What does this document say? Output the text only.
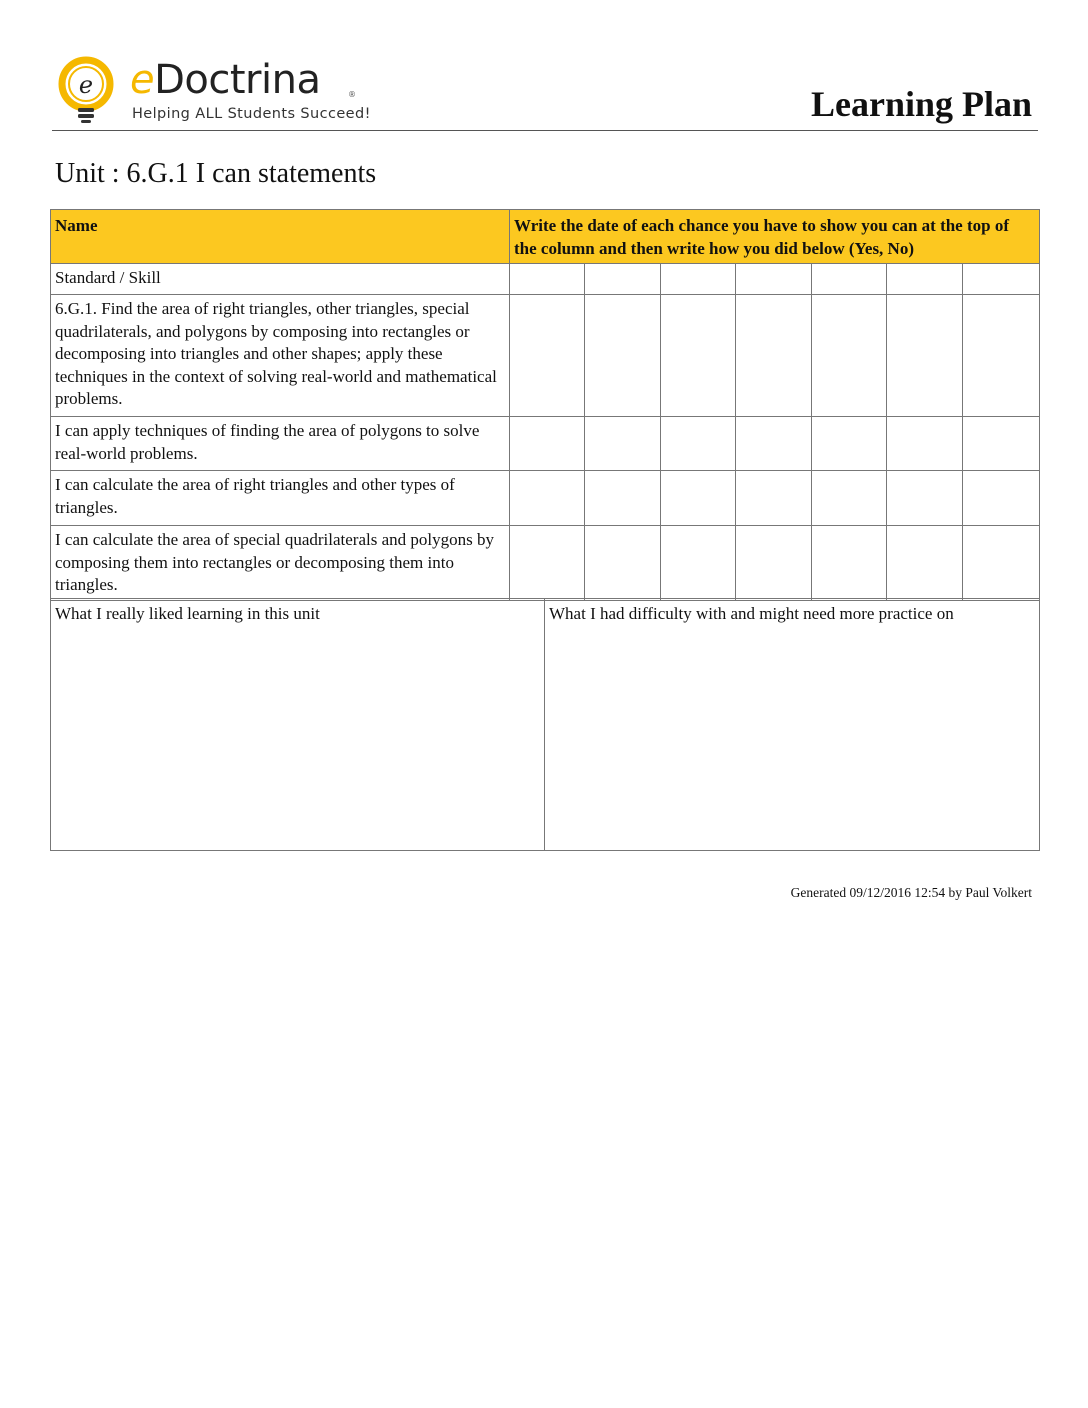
e eDoctrina	®
Helping ALL Students Succeed!	Learning Plan
Unit : 6.G.1 I can statements
Name	Write the date of each chance you have to show you can at the top of the column and then write how you did below (Yes, No)						
Standard / Skill							
6.G.1. Find the area of right triangles, other triangles, special quadrilaterals, and polygons by composing into rectangles or decomposing into triangles and other shapes; apply these techniques in the context of solving real-world and mathematical problems.							
I can apply techniques of finding the area of polygons to solve real-world problems.							
I can calculate the area of right triangles and other types of triangles.							
I can calculate the area of special quadrilaterals and polygons by composing them into rectangles or decomposing them into triangles.							
What I really liked learning in this unit	What I had difficulty with and might need more practice on
Generated 09/12/2016 12:54 by Paul Volkert
